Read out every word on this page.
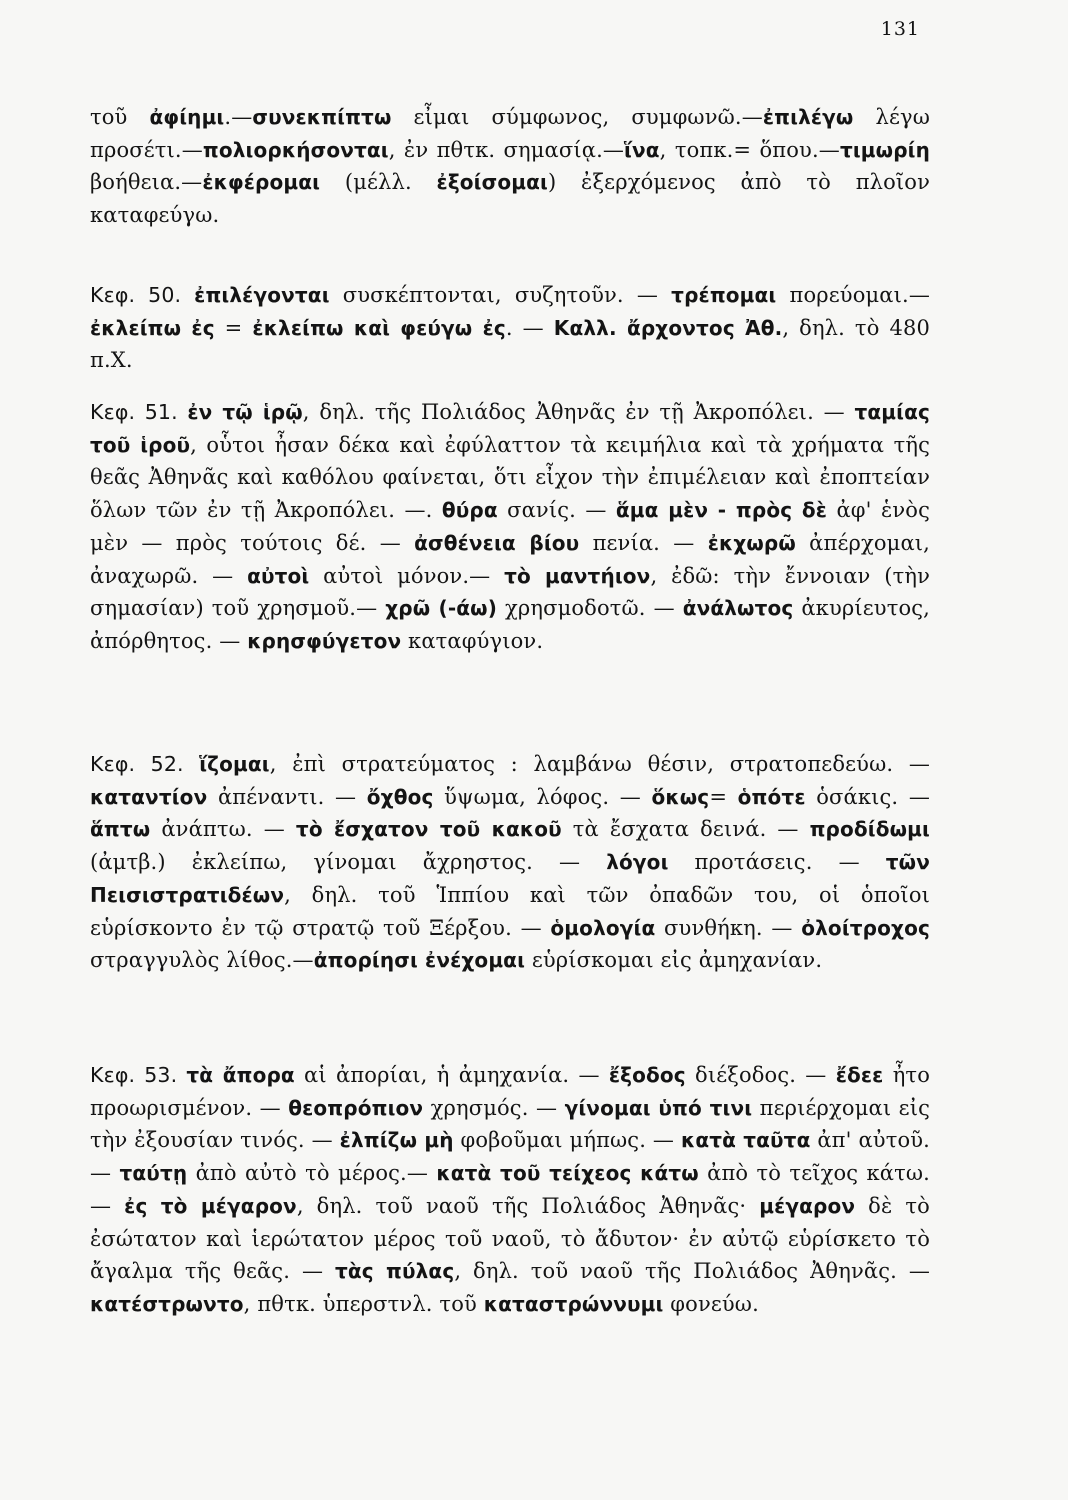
131

τοῦ ἀφίημι.—συνεκπίπτω εἶμαι σύμφωνος, συμφωνῶ.—ἐπιλέγω λέγω προσέτι.—πολιορκήσονται, ἐν πθτκ. σημασίᾳ.—ἵνα, τοπκ.= ὅπου.—τιμωρίη βοήθεια.—ἐκφέρομαι (μέλλ. ἐξοίσομαι) ἐξερχόμενος ἀπὸ τὸ πλοῖον καταφεύγω.

Κεφ. 50. ἐπιλέγονται συσκέπτονται, συζητοῦν. — τρέπομαι πορεύομαι.— ἐκλείπω ἐς = ἐκλείπω καὶ φεύγω ἐς. — Καλλ. ἄρχοντος Ἀθ., δηλ. τὸ 480 π.Χ.

Κεφ. 51. ἐν τῷ ἱρῷ, δηλ. τῆς Πολιάδος Ἀθηνᾶς ἐν τῇ Ἀκροπόλει. — ταμίας τοῦ ἱροῦ, οὗτοι ἦσαν δέκα καὶ ἐφύλαττον τὰ κειμήλια καὶ τὰ χρήματα τῆς θεᾶς Ἀθηνᾶς καὶ καθόλου φαίνεται, ὅτι εἶχον τὴν ἐπιμέλειαν καὶ ἐποπτείαν ὅλων τῶν ἐν τῇ Ἀκροπόλει. —. θύρα σανίς. — ἅμα μὲν - πρὸς δὲ ἀφ' ἑνὸς μὲν — πρὸς τούτοις δέ. — ἀσθένεια βίου πενία. — ἐκχωρῶ ἀπέρχομαι, ἀναχωρῶ. — αὐτοὶ αὐτοὶ μόνον.— τὸ μαντήιον, ἐδῶ: τὴν ἔννοιαν (τὴν σημασίαν) τοῦ χρησμοῦ.— χρῶ (-άω) χρησμοδοτῶ. — ἀνάλωτος ἀκυρίευτος, ἀπόρθητος. — κρησφύγετον καταφύγιον.

Κεφ. 52. ἵζομαι, ἐπὶ στρατεύματος : λαμβάνω θέσιν, στρατοπεδεύω. — καταντίον ἀπέναντι. — ὄχθος ὕψωμα, λόφος. — ὅκως= ὁπότε ὁσάκις. — ἅπτω ἀνάπτω. — τὸ ἔσχατον τοῦ κακοῦ τὰ ἔσχατα δεινά. — προδίδωμι (ἀμτβ.) ἐκλείπω, γίνομαι ἄχρηστος. — λόγοι προτάσεις. — τῶν Πεισιστρατιδέων, δηλ. τοῦ Ἱππίου καὶ τῶν ὀπαδῶν του, οἱ ὁποῖοι εὑρίσκοντο ἐν τῷ στρατῷ τοῦ Ξέρξου. — ὁμολογία συνθήκη. — ὀλοίτροχος στραγγυλὸς λίθος.—ἀπορίησι ἐνέχομαι εὑρίσκομαι εἰς ἀμηχανίαν.

Κεφ. 53. τὰ ἄπορα αἱ ἀπορίαι, ἡ ἀμηχανία. — ἔξοδος διέξοδος. — ἔδεε ἦτο προωρισμένον. — θεοπρόπιον χρησμός. — γίνομαι ὑπό τινι περιέρχομαι εἰς τὴν ἐξουσίαν τινός. — ἐλπίζω μὴ φοβοῦμαι μήπως. — κατὰ ταῦτα ἀπ' αὐτοῦ. — ταύτῃ ἀπὸ αὐτὸ τὸ μέρος.— κατὰ τοῦ τείχεος κάτω ἀπὸ τὸ τεῖχος κάτω. — ἐς τὸ μέγαρον, δηλ. τοῦ ναοῦ τῆς Πολιάδος Ἀθηνᾶς· μέγαρον δὲ τὸ ἐσώτατον καὶ ἱερώτατον μέρος τοῦ ναοῦ, τὸ ἄδυτον· ἐν αὐτῷ εὑρίσκετο τὸ ἄγαλμα τῆς θεᾶς. — τὰς πύλας, δηλ. τοῦ ναοῦ τῆς Πολιάδος Ἀθηνᾶς. — κατέστρωντο, πθτκ. ὑπερστνλ. τοῦ καταστρώννυμι φονεύω.
